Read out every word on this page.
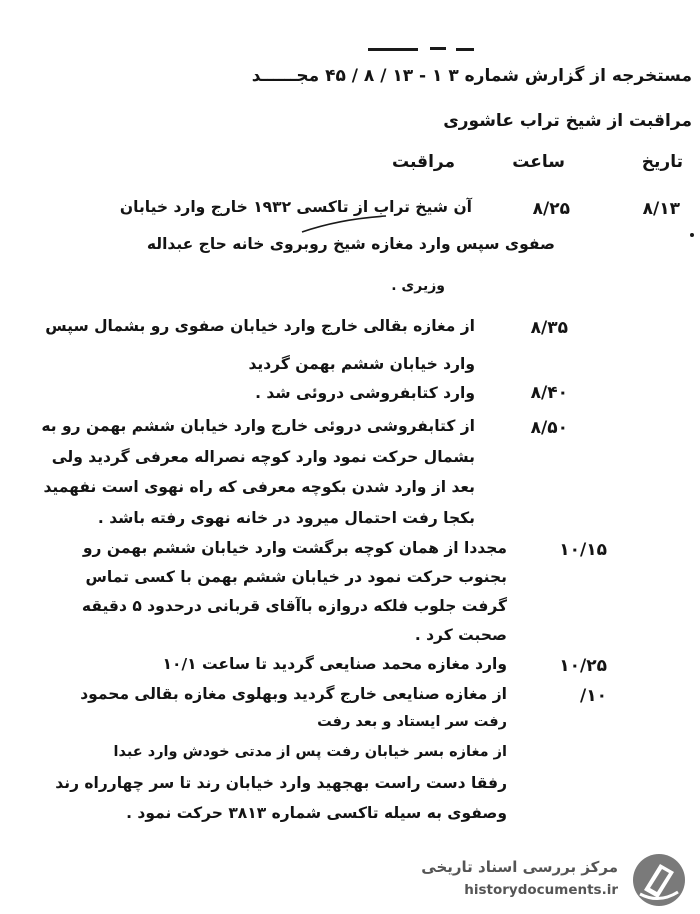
مستخرجه از گزارش شماره ۳ ۱ - ۱۳ / ۸ / ۴۵ مجــــــد
مراقبت از شیخ تراب عاشوری
تاریخ
ساعت
مراقبت
۸/۱۳
۸/۲۵
آن شیخ تراب از تاکسی ۱۹۳۲ خارج وارد خیابان
صفوی سپس وارد مغازه شیخ روبروی خانه حاج عبداله
وزیری .
۸/۳۵
از مغازه بقالی خارج وارد خیابان صفوی رو بشمال سپس
وارد خیابان ششم بهمن گردید
۸/۴۰
وارد کتابفروشی دروئی شد .
۸/۵۰
از کتابفروشی دروئی خارج وارد خیابان ششم بهمن رو به
بشمال حرکت نمود وارد کوچه نصراله معرفی گردید ولی
بعد از وارد شدن بکوچه معرفی که راه نهوی است نفهمید
بکجا رفت احتمال میرود در خانه نهوی رفته باشد .
۱۰/۱۵
مجددا از همان کوچه برگشت وارد خیابان ششم بهمن رو
بجنوب حرکت نمود در خیابان ششم بهمن با کسی تماس
گرفت جلوب فلکه دروازه باآقای قربانی درحدود ۵ دقیقه
صحبت کرد .
۱۰/۲۵
وارد مغازه محمد صنایعی گردید تا ساعت ۱۰/۱
۱۰/
از مغازه صنایعی خارج گردید وبهلوی مغازه بقالی محمود
رفت سر ایستاد و بعد رفت
از مغازه بسر خیابان رفت پس از مدتی خودش وارد عبدا
رفقا دست راست بهجهید وارد خیابان رند تا سر چهارراه رند
وصفوی به سیله تاکسی شماره ۳۸۱۳ حرکت نمود .
مرکز بررسی اسناد تاریخی
historydocuments.ir
